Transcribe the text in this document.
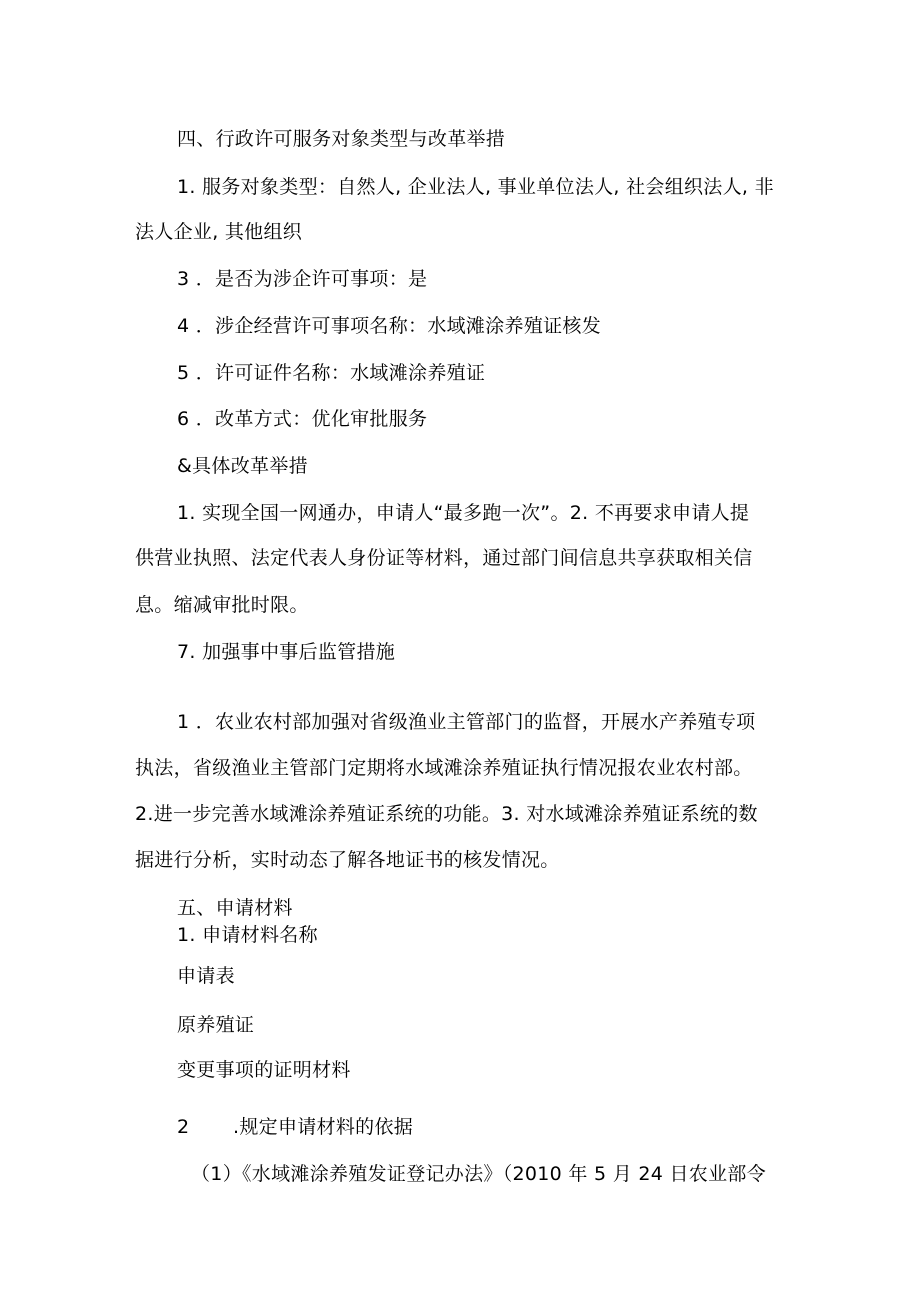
四、行政许可服务对象类型与改革举措
1. 服务对象类型：自然人, 企业法人, 事业单位法人, 社会组织法人, 非
法人企业, 其他组织
3 ．是否为涉企许可事项：是
4 ．涉企经营许可事项名称：水域滩涂养殖证核发
5 ．许可证件名称：水域滩涂养殖证
6 ．改革方式：优化审批服务
&具体改革举措
1. 实现全国一网通办，申请人“最多跑一次”。2. 不再要求申请人提
供营业执照、法定代表人身份证等材料，通过部门间信息共享获取相关信
息。缩减审批时限。
7. 加强事中事后监管措施
1 ．农业农村部加强对省级渔业主管部门的监督，开展水产养殖专项
执法，省级渔业主管部门定期将水域滩涂养殖证执行情况报农业农村部。
2.进一步完善水域滩涂养殖证系统的功能。3. 对水域滩涂养殖证系统的数
据进行分析，实时动态了解各地证书的核发情况。
五、申请材料
1. 申请材料名称
申请表
原养殖证
变更事项的证明材料
2 .规定申请材料的依据
（1）《水域滩涂养殖发证登记办法》（2010 年 5 月 24 日农业部令
